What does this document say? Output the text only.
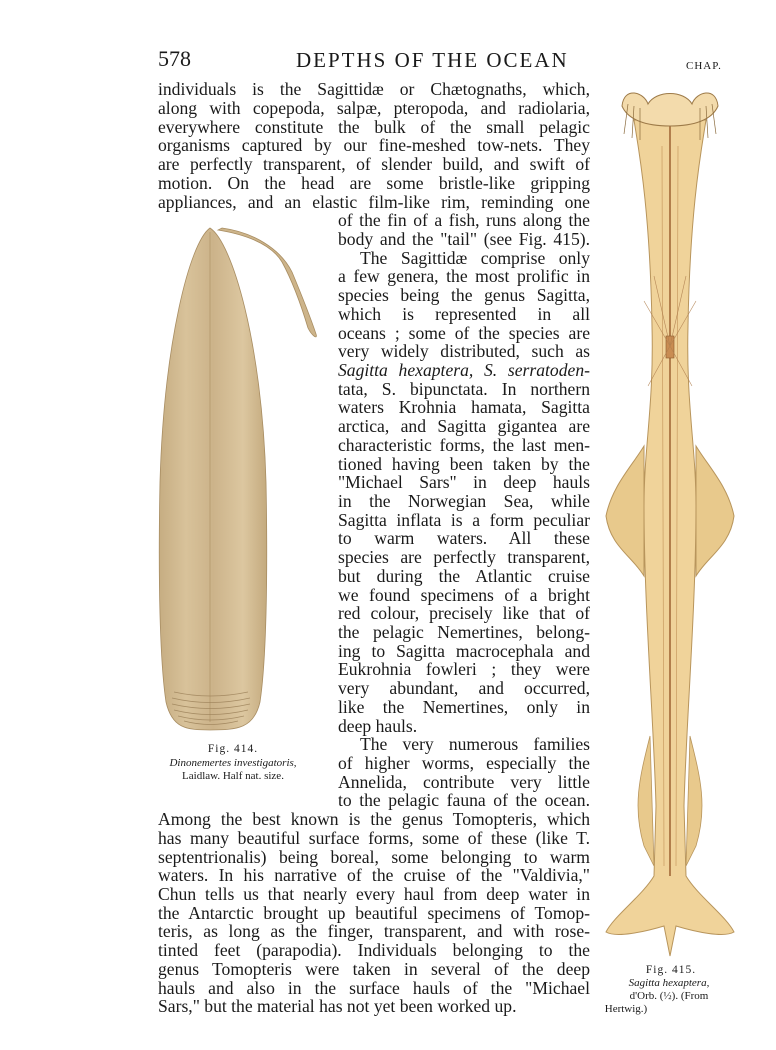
578	DEPTHS OF THE OCEAN	CHAP.
Fig. 414.
Dinonemertes investigatoris,
Laidlaw. Half nat. size.
Fig. 415.
Sagitta hexaptera,
d'Orb. (½). (From
Hertwig.)
individuals is the Sagittidæ or Chætognaths, which,
along with copepoda, salpæ, pteropoda, and radiolaria,
everywhere constitute the bulk of the small pelagic
organisms captured by our fine-meshed tow-nets. They
are perfectly transparent, of slender build, and swift of
motion. On the head are some bristle-like gripping
appliances, and an elastic film-like rim, reminding one
of the fin of a fish, runs along the
body and the "tail" (see Fig. 415).
The Sagittidæ comprise only
a few genera, the most prolific in
species being the genus Sagitta,
which is represented in all
oceans ; some of the species are
very widely distributed, such as
Sagitta hexaptera, S. serratoden-
tata, S. bipunctata. In northern
waters Krohnia hamata, Sagitta
arctica, and Sagitta gigantea are
characteristic forms, the last men-
tioned having been taken by the
"Michael Sars" in deep hauls
in the Norwegian Sea, while
Sagitta inflata is a form peculiar
to warm waters. All these
species are perfectly transparent,
but during the Atlantic cruise
we found specimens of a bright
red colour, precisely like that of
the pelagic Nemertines, belong-
ing to Sagitta macrocephala and
Eukrohnia fowleri ; they were
very abundant, and occurred,
like the Nemertines, only in
deep hauls.
The very numerous families
of higher worms, especially the
Annelida, contribute very little
to the pelagic fauna of the ocean.
Among the best known is the genus Tomopteris, which
has many beautiful surface forms, some of these (like T.
septentrionalis) being boreal, some belonging to warm
waters. In his narrative of the cruise of the "Valdivia,"
Chun tells us that nearly every haul from deep water in
the Antarctic brought up beautiful specimens of Tomop-
teris, as long as the finger, transparent, and with rose-
tinted feet (parapodia). Individuals belonging to the
genus Tomopteris were taken in several of the deep
hauls and also in the surface hauls of the "Michael
Sars," but the material has not yet been worked up.
